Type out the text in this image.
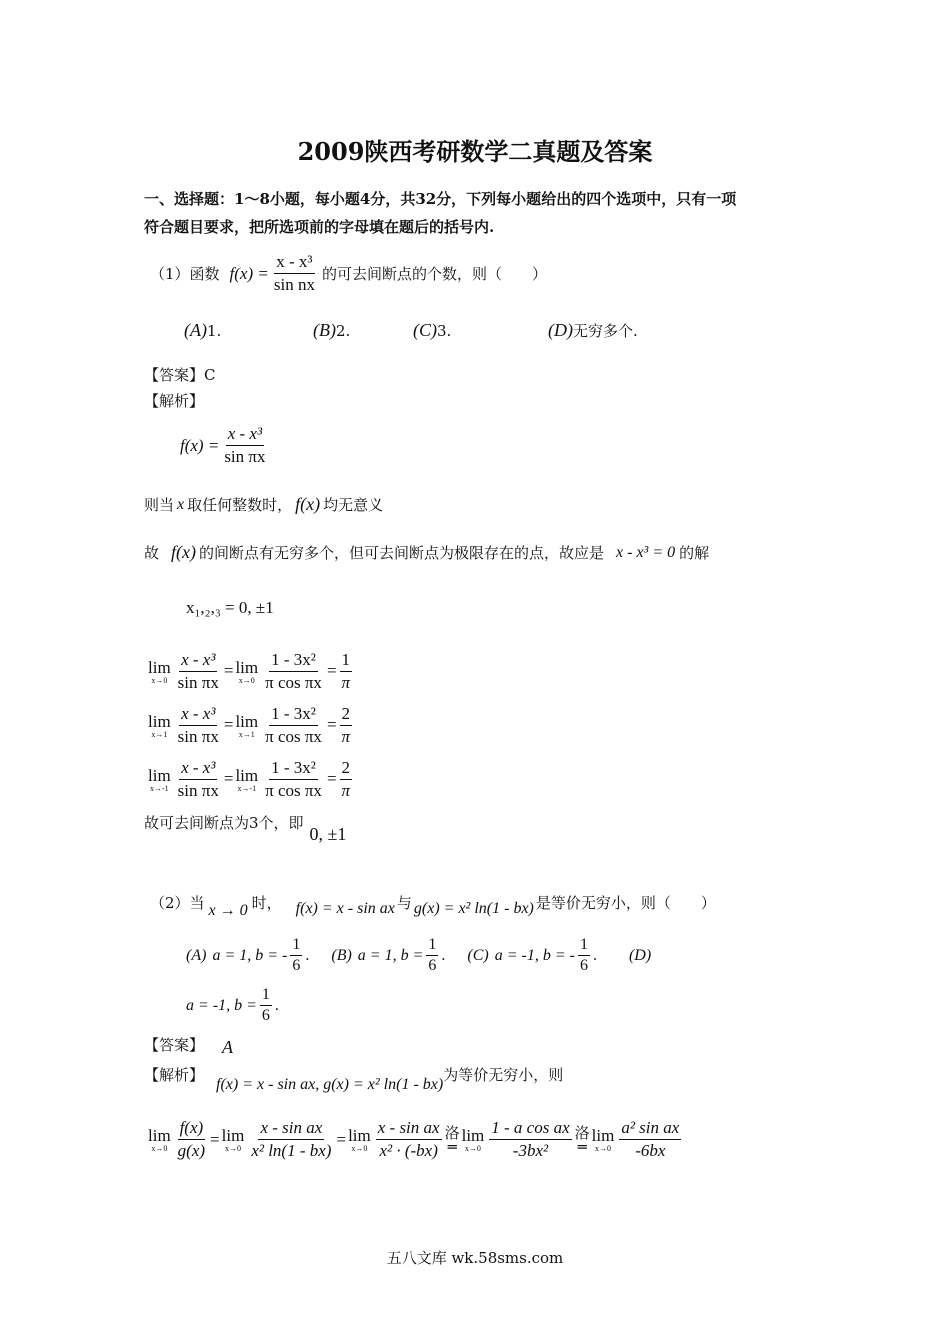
2009陕西考研数学二真题及答案
一、选择题：1～8小题，每小题4分，共32分，下列每小题给出的四个选项中，只有一项
符合题目要求，把所选项前的字母填在题后的括号内.
（1）函数 $f(x) = \frac{\text{x - x³}}{\text{sin nx}}$ 的可去间断点的个数，则（　　）
(A)1.	(B)2.	(C)3.	(D)无穷多个.
【答案】C
【解析】
$f(x) = \frac{\text{x - x³}}{\text{sin πx}}$
则当 x 取任何整数时， f(x) 均无意义
故 f(x) 的间断点有无穷多个，但可去间断点为极限存在的点，故应是 x - x³ = 0 的解
x₁,₂,₃ = 0, ±1
lim
$x\to 0 \frac{\text{x - x³}}{\text{sin πx}} = \lim$
$x\to 0 \frac{\text{1 - 3x²}}{\text{π cos πx}} = \frac{1}{\pi}$
lim
$x\to 1 \frac{\text{x - x³}}{\text{sin πx}} = \lim$
$x\to 1 \frac{\text{1 - 3x²}}{\text{π cos πx}} = \frac{2}{\pi}$
lim
$x\to-1 \frac{\text{x - x³}}{\text{sin πx}} = \lim$
$x\to-1 \frac{\text{1 - 3x²}}{\text{π cos πx}} = \frac{2}{\pi}$
故可去间断点为3个，即
0, ±1
（2）当 x → 0 时， f(x) = x - sin ax 与 g(x) = x² ln(1 - bx) 是等价无穷小，则（　　）
(A) a = 1, b = - $\frac{1}{6}$ . (B) a = 1, $b = \frac{1}{6}$ . (C) a = -1, b = - $\frac{1}{6}$ . (D)
a = -1, $b = \frac{1}{6}$ .
【答案】 A
【解析】 f(x) = x - sin ax, g(x) = x² ln(1 - bx) 为等价无穷小，则
lim
$x\to 0 \frac{f(x)}{g(x)} = \lim$
$x\to 0 \frac{\text{x - sin ax}}{\text{x² ln(1 - bx)}} = \lim$
$x\to 0 \frac{\text{x - sin ax}}{\text{x² · (-bx)}}$ 洛
═
lim
$x\to 0 \frac{\text{1 - a cos ax}}{\text{-3bx²}}$ 洛
═
lim
$x\to 0 \frac{\text{a² sin ax}}{-6bx}$
五八文库 wk.58sms.com
